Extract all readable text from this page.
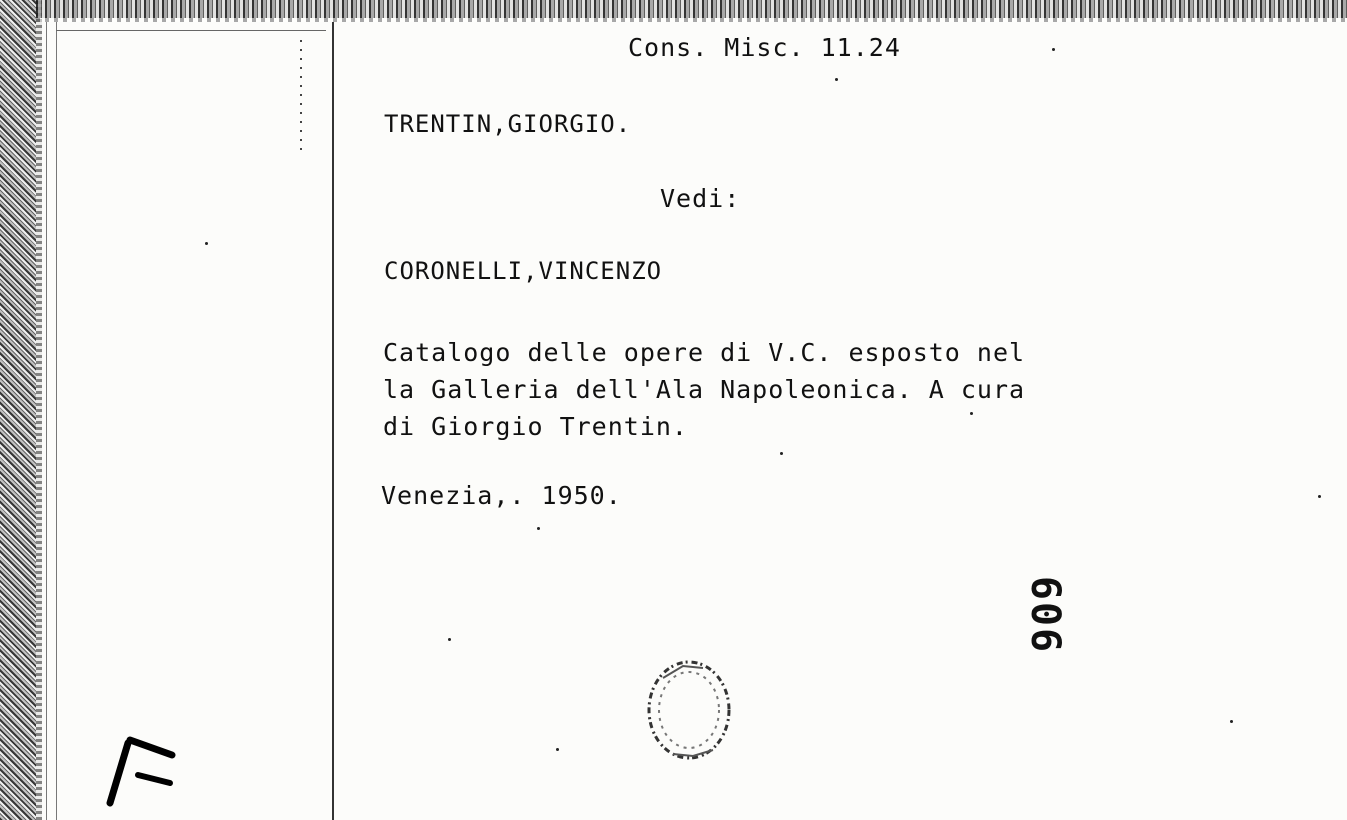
Cons. Misc. 11.24
TRENTIN,GIORGIO.
Vedi:
CORONELLI,VINCENZO
Catalogo delle opere di V.C. esposto nel
la Galleria dell'Ala Napoleonica. A cura
di Giorgio Trentin.
Venezia,. 1950.
606
